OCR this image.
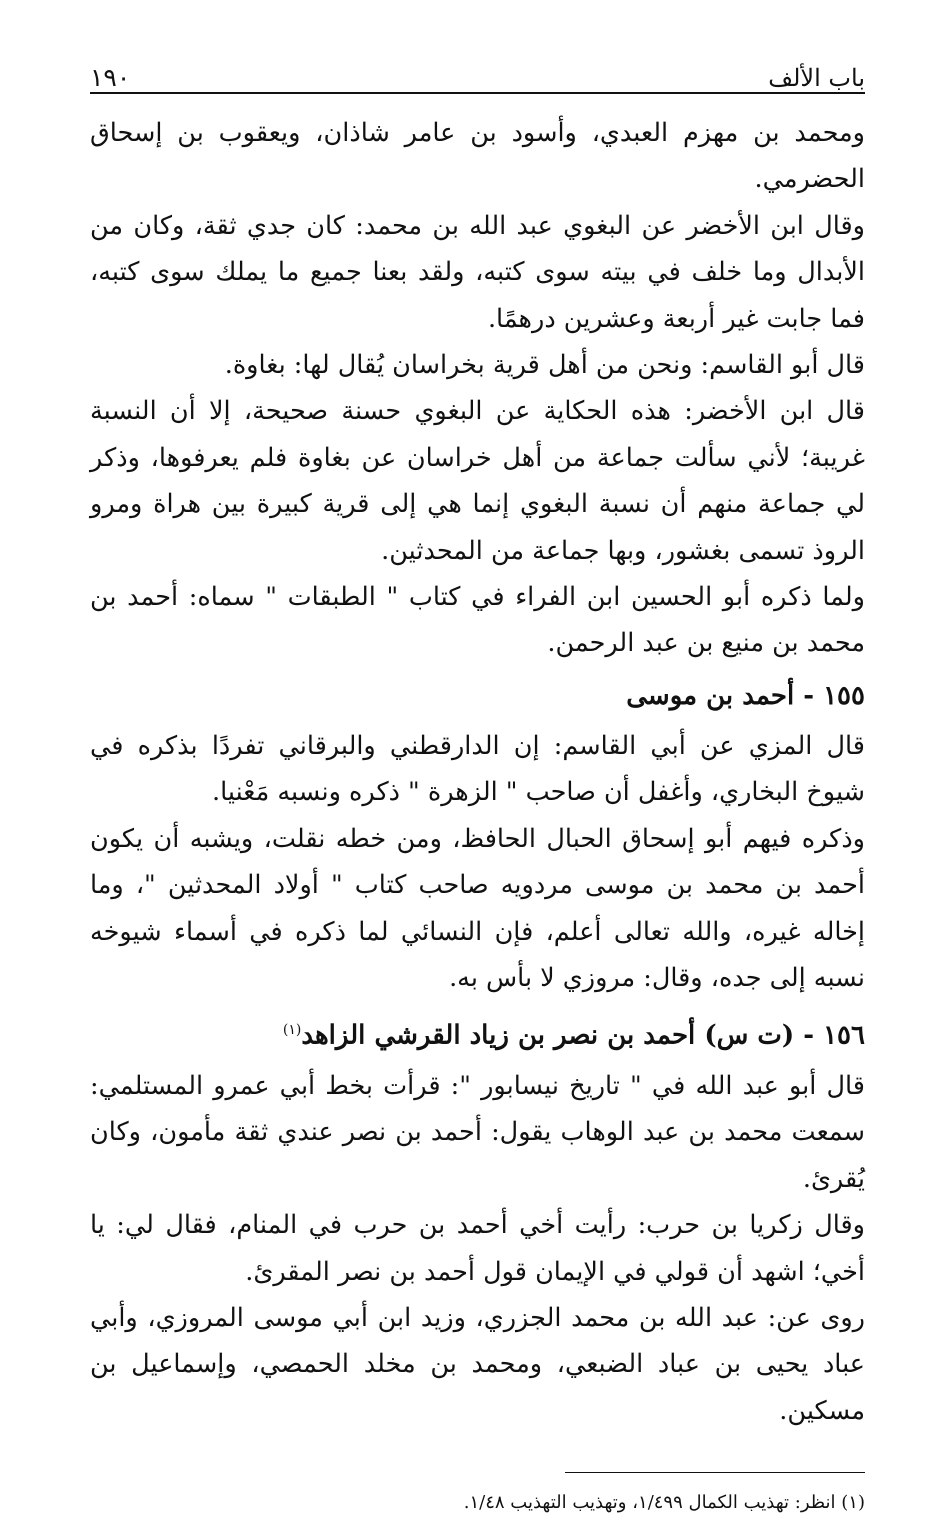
باب الألف
١٩٠

ومحمد بن مهزم العبدي، وأسود بن عامر شاذان، ويعقوب بن إسحاق الحضرمي.

وقال ابن الأخضر عن البغوي عبد الله بن محمد: كان جدي ثقة، وكان من الأبدال وما خلف في بيته سوى كتبه، ولقد بعنا جميع ما يملك سوى كتبه، فما جابت غير أربعة وعشرين درهمًا.

قال أبو القاسم: ونحن من أهل قرية بخراسان يُقال لها: بغاوة.

قال ابن الأخضر: هذه الحكاية عن البغوي حسنة صحيحة، إلا أن النسبة غريبة؛ لأني سألت جماعة من أهل خراسان عن بغاوة فلم يعرفوها، وذكر لي جماعة منهم أن نسبة البغوي إنما هي إلى قرية كبيرة بين هراة ومرو الروذ تسمى بغشور، وبها جماعة من المحدثين.

ولما ذكره أبو الحسين ابن الفراء في كتاب " الطبقات " سماه: أحمد بن محمد بن منيع بن عبد الرحمن.

١٥٥ - أحمد بن موسى

قال المزي عن أبي القاسم: إن الدارقطني والبرقاني تفردًا بذكره في شيوخ البخاري، وأغفل أن صاحب " الزهرة " ذكره ونسبه مَعْنيا.

وذكره فيهم أبو إسحاق الحبال الحافظ، ومن خطه نقلت، ويشبه أن يكون أحمد بن محمد بن موسى مردويه صاحب كتاب " أولاد المحدثين "، وما إخاله غيره، والله تعالى أعلم، فإن النسائي لما ذكره في أسماء شيوخه نسبه إلى جده، وقال: مروزي لا بأس به.

١٥٦ - (ت س) أحمد بن نصر بن زياد القرشي الزاهد$^{(١)}$

قال أبو عبد الله في " تاريخ نيسابور ": قرأت بخط أبي عمرو المستلمي: سمعت محمد بن عبد الوهاب يقول: أحمد بن نصر عندي ثقة مأمون، وكان يُقرئ.

وقال زكريا بن حرب: رأيت أخي أحمد بن حرب في المنام، فقال لي: يا أخي؛ اشهد أن قولي في الإيمان قول أحمد بن نصر المقرئ.

روى عن: عبد الله بن محمد الجزري، وزيد ابن أبي موسى المروزي، وأبي عباد يحيى بن عباد الضبعي، ومحمد بن مخلد الحمصي، وإسماعيل بن مسكين.

(١) انظر: تهذيب الكمال ١/٤٩٩، وتهذيب التهذيب ١/٤٨.
